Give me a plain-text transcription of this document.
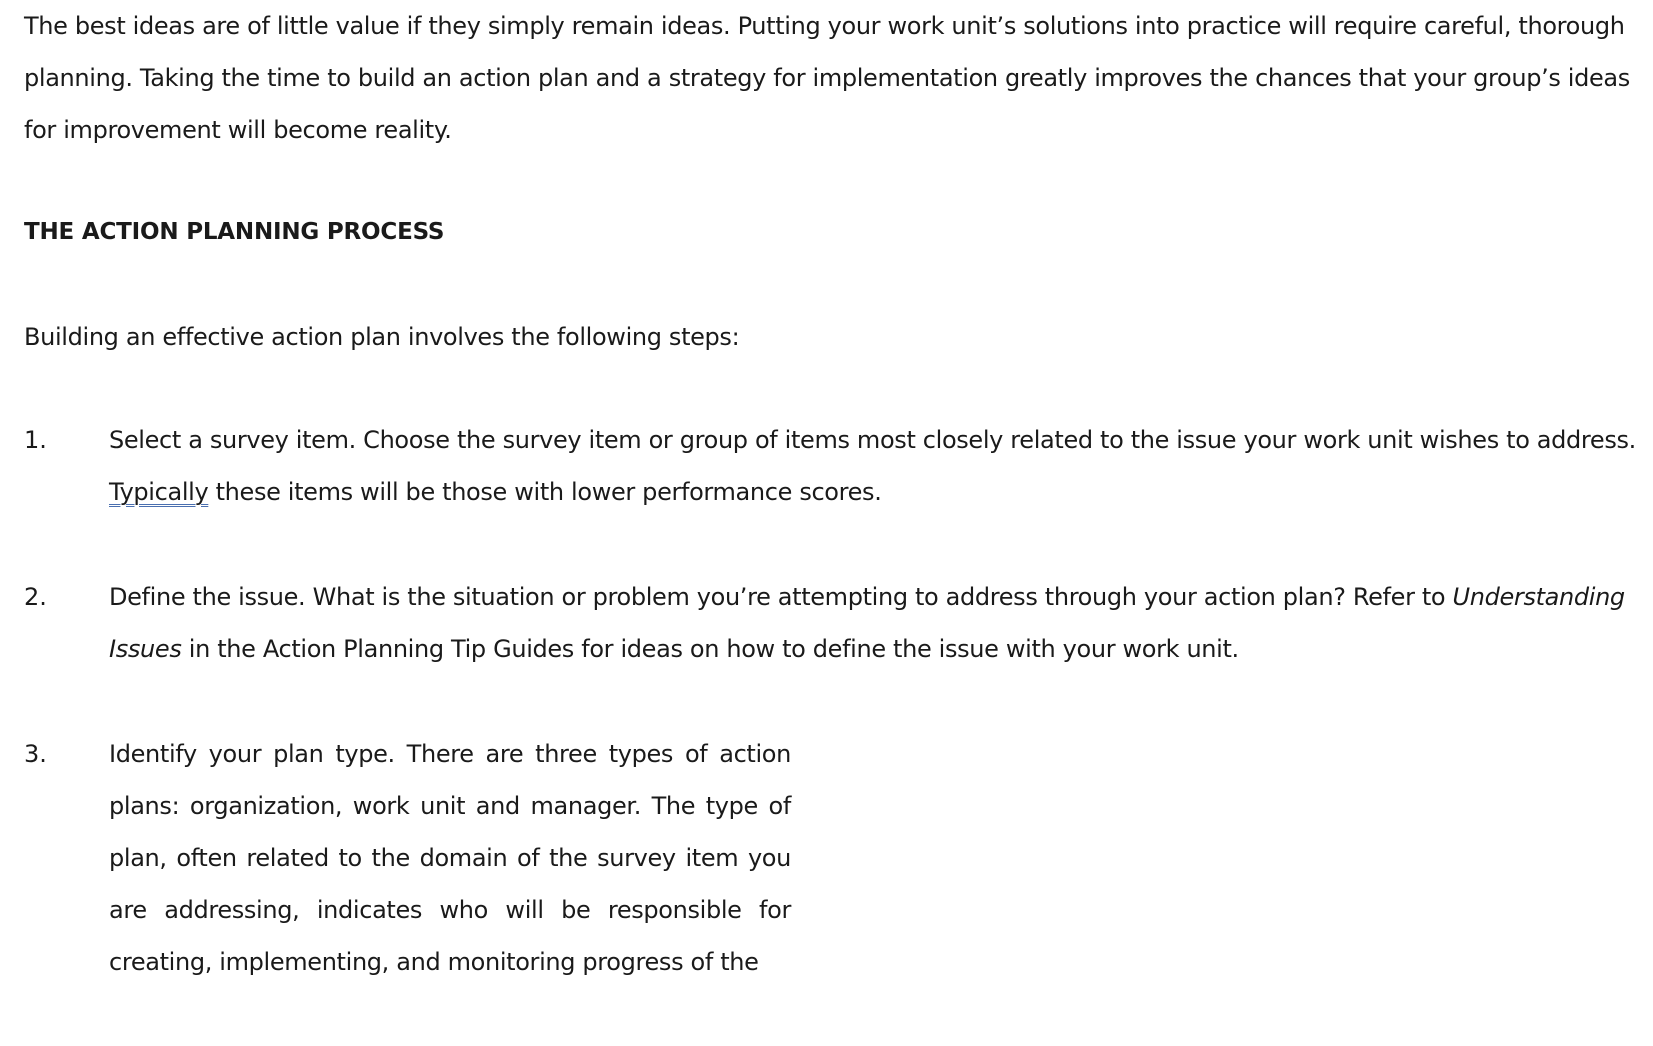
The best ideas are of little value if they simply remain ideas. Putting your work unit’s solutions into practice will require careful, thorough planning. Taking the time to build an action plan and a strategy for implementation greatly improves the chances that your group’s ideas for improvement will become reality.

THE ACTION PLANNING PROCESS

Building an effective action plan involves the following steps:

1.	Select a survey item. Choose the survey item or group of items most closely related to the issue your work unit wishes to address. Typically these items will be those with lower performance scores.

2.	Define the issue. What is the situation or problem you’re attempting to address through your action plan? Refer to Understanding Issues in the Action Planning Tip Guides for ideas on how to define the issue with your work unit.

3.	Identify your plan type. There are three types of action plans: organization, work unit and manager. The type of plan, often related to the domain of the survey item you are addressing, indicates who will be responsible for creating, implementing, and monitoring progress of the
